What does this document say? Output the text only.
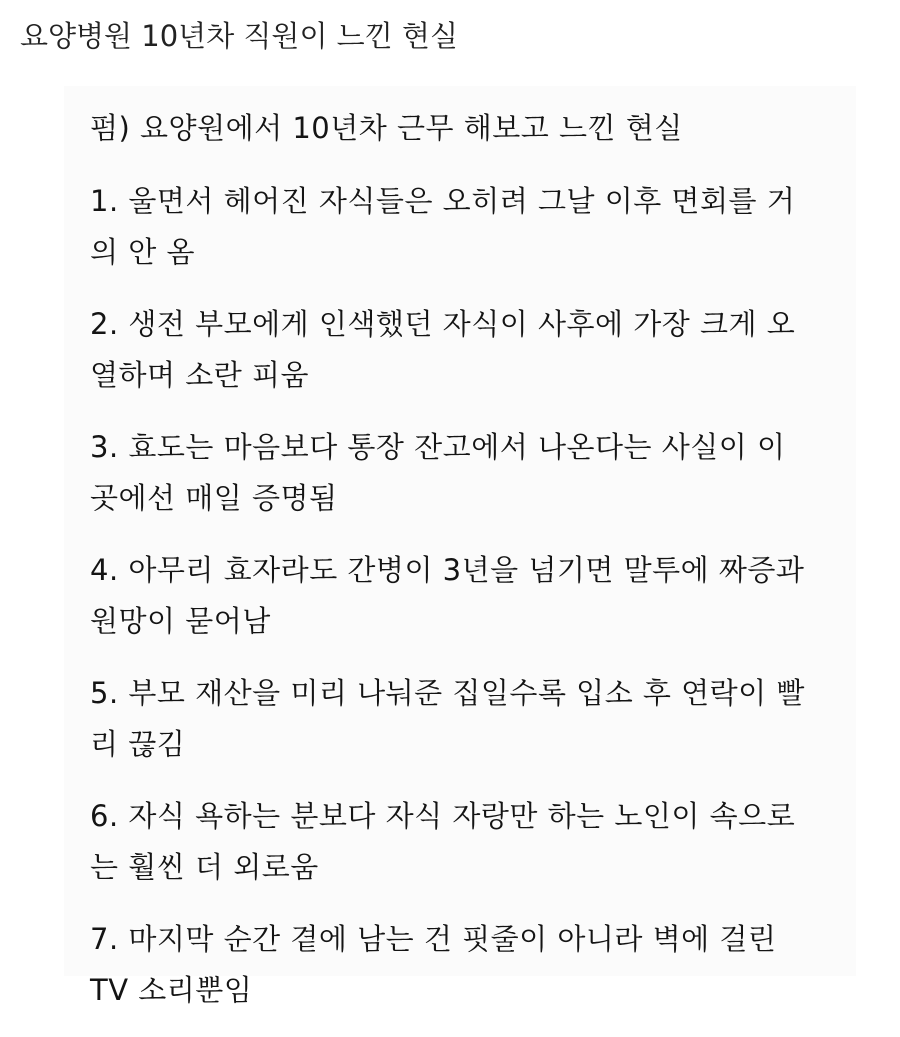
요양병원 10년차 직원이 느낀 현실
펌) 요양원에서 10년차 근무 해보고 느낀 현실
1. 울면서 헤어진 자식들은 오히려 그날 이후 면회를 거
의 안 옴
2. 생전 부모에게 인색했던 자식이 사후에 가장 크게 오
열하며 소란 피움
3. 효도는 마음보다 통장 잔고에서 나온다는 사실이 이
곳에선 매일 증명됨
4. 아무리 효자라도 간병이 3년을 넘기면 말투에 짜증과
원망이 묻어남
5. 부모 재산을 미리 나눠준 집일수록 입소 후 연락이 빨
리 끊김
6. 자식 욕하는 분보다 자식 자랑만 하는 노인이 속으로
는 훨씬 더 외로움
7. 마지막 순간 곁에 남는 건 핏줄이 아니라 벽에 걸린
TV 소리뿐임
